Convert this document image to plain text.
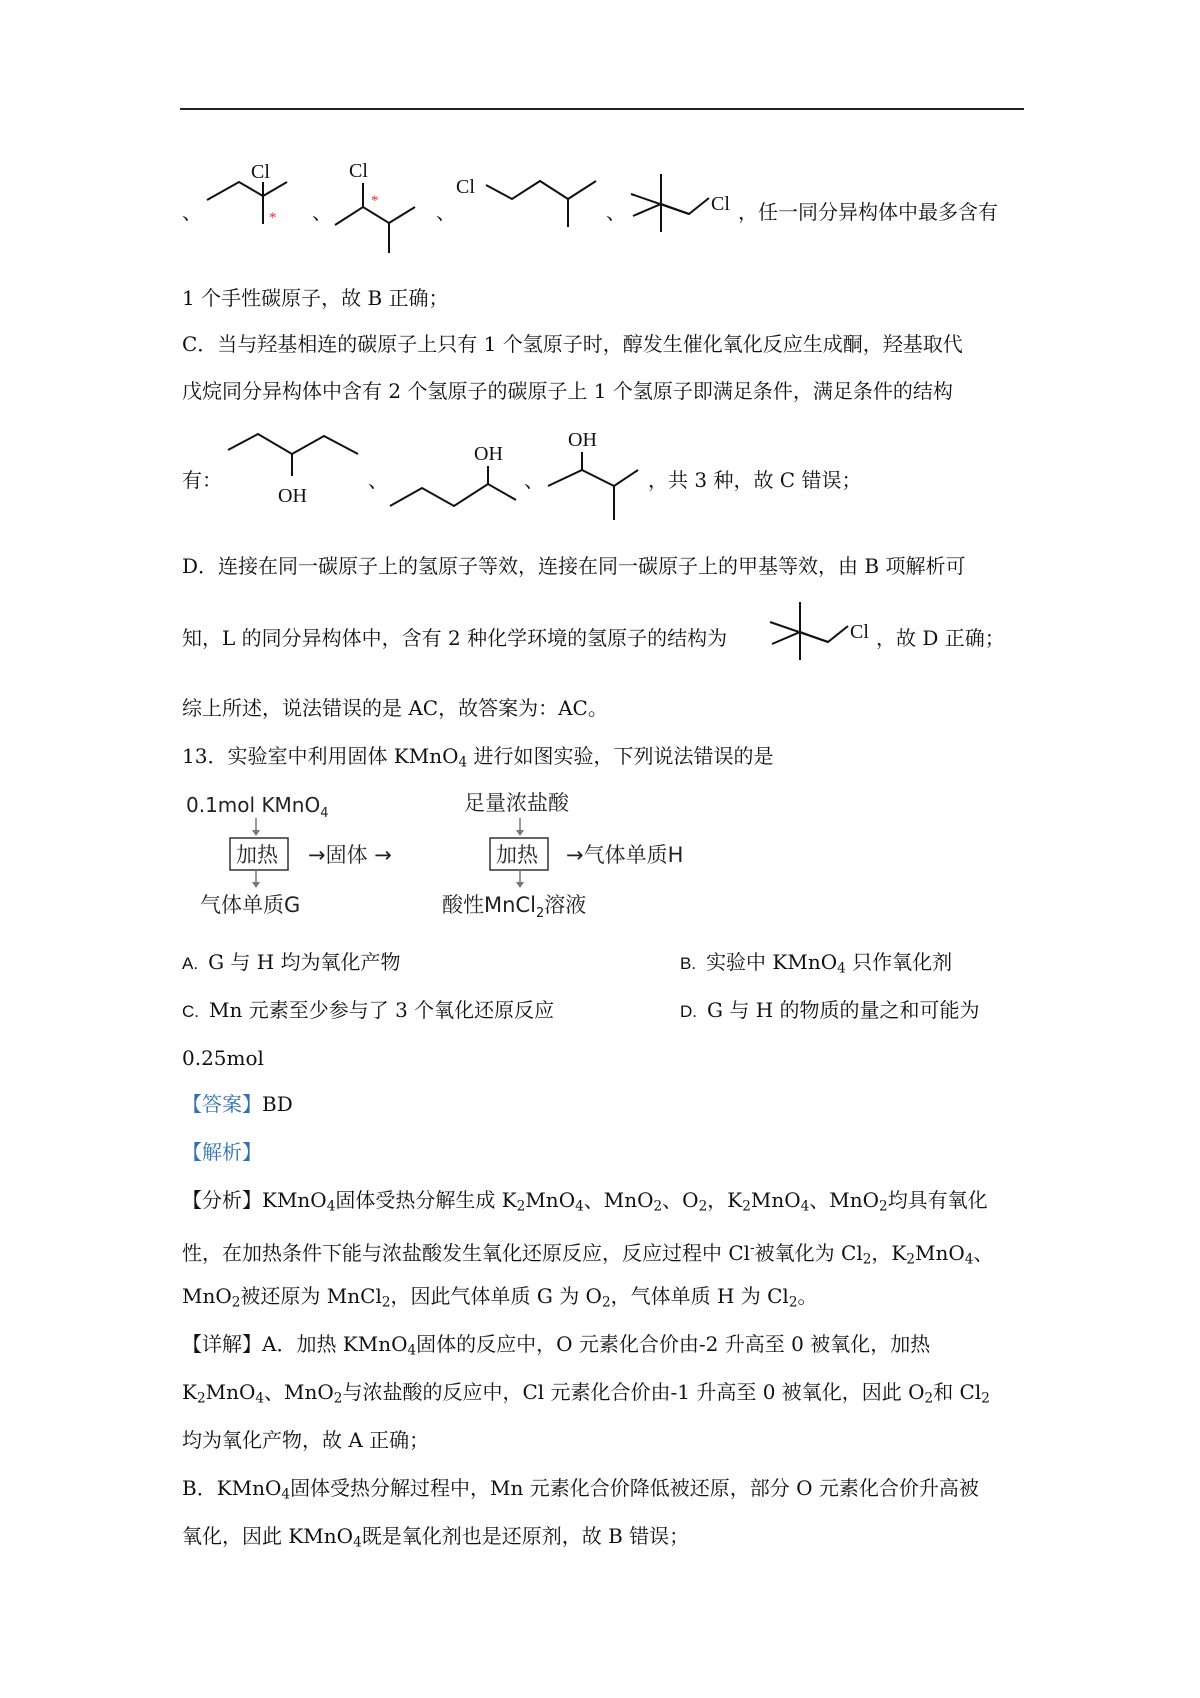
、
Cl
* 、
Cl
*	、
Cl
、	Cl ，任一同分异构体中最多含有
1 个手性碳原子，故 B 正确；
C．当与羟基相连的碳原子上只有 1 个氢原子时，醇发生催化氧化反应生成酮，羟基取代
戊烷同分异构体中含有 2 个氢原子的碳原子上 1 个氢原子即满足条件，满足条件的结构
有：
OH
、
OH
、
OH
，共 3 种，故 C 错误；
D．连接在同一碳原子上的氢原子等效，连接在同一碳原子上的甲基等效，由 B 项解析可
知，L 的同分异构体中，含有 2 种化学环境的氢原子的结构为	Cl ，故 D 正确；
综上所述，说法错误的是 AC，故答案为：AC。
13．实验室中利用固体 KMnO$_4$ 进行如图实验，下列说法错误的是
0.1mol KMnO$_4$
加热 →固体 →
气体单质G
足量浓盐酸
加热 →气体单质H
酸性MnCl$_2$溶液
A. G 与 H 均为氧化产物	B. 实验中 KMnO$_4$ 只作氧化剂
C. Mn 元素至少参与了 3 个氧化还原反应	D. G 与 H 的物质的量之和可能为
0.25mol
【答案】BD
【解析】
【分析】KMnO$_4$固体受热分解生成 $K_2MnO_4$、MnO$_2$、$O_2$，$K_2MnO_4$、MnO$_2$均具有氧化
性，在加热条件下能与浓盐酸发生氧化还原反应，反应过程中 Cl-被氧化为 $Cl_2$，$K_2MnO_4$、
MnO$_2$被还原为 MnCl$_2$，因此气体单质 G 为 $O_2$，气体单质 H 为 $Cl_2$。
【详解】A．加热 KMnO$_4$固体的反应中，O 元素化合价由-2 升高至 0 被氧化，加热
$K_2MnO_4$、MnO$_2$与浓盐酸的反应中，Cl 元素化合价由-1 升高至 0 被氧化，因此 $O_2$和 $Cl_2$
均为氧化产物，故 A 正确；
B．KMnO$_4$固体受热分解过程中，Mn 元素化合价降低被还原，部分 O 元素化合价升高被
氧化，因此 KMnO$_4$既是氧化剂也是还原剂，故 B 错误；
